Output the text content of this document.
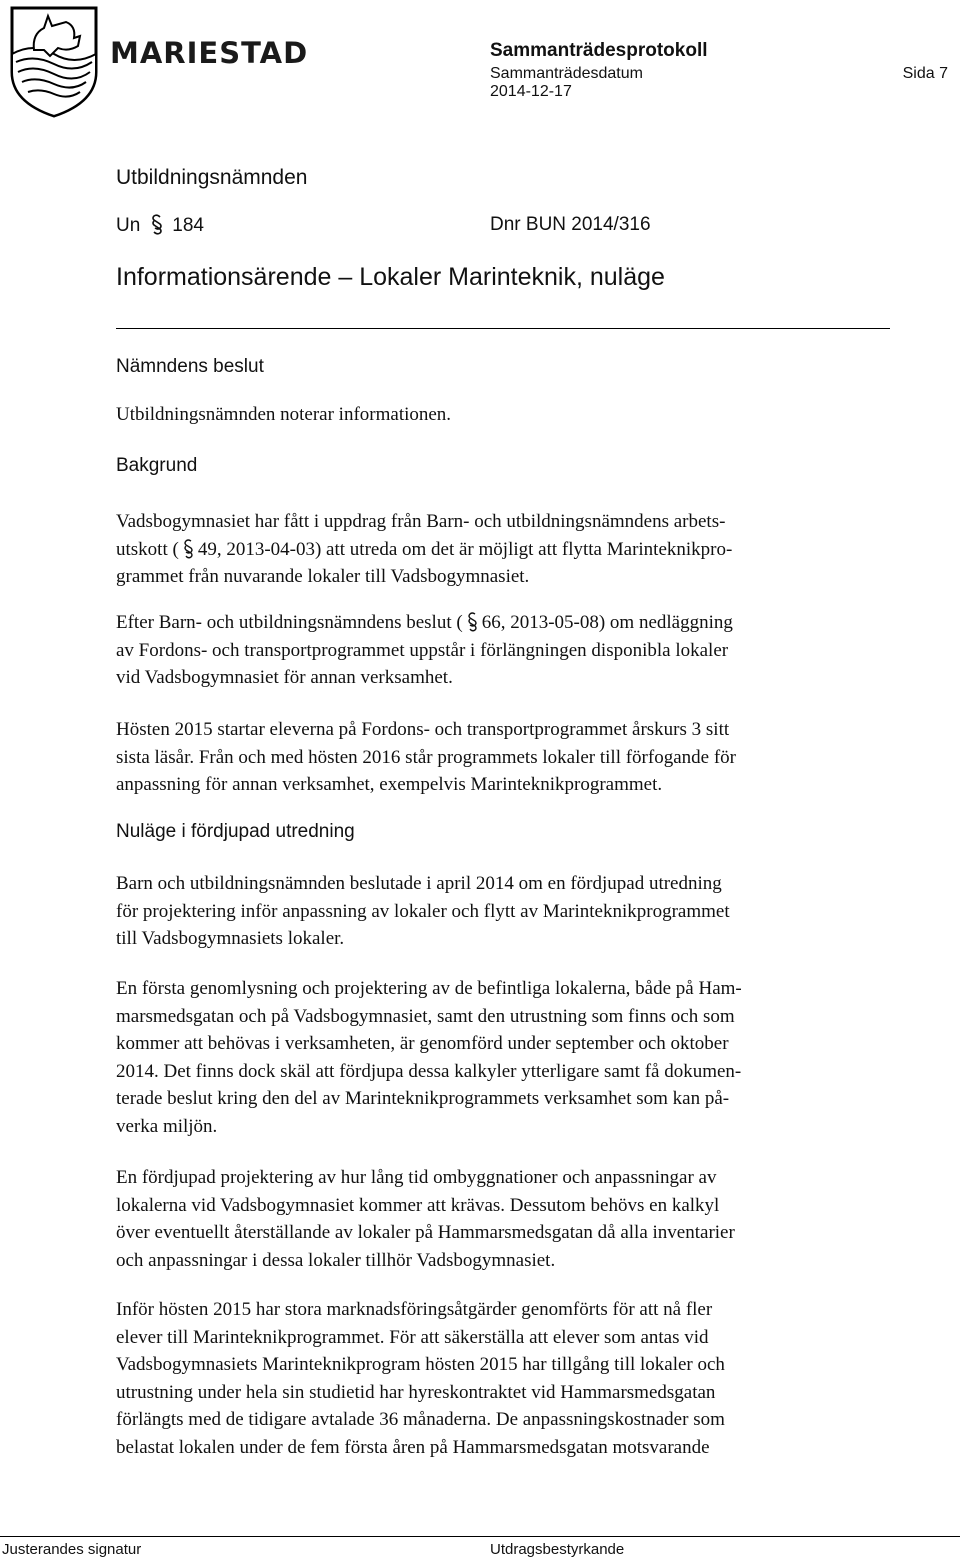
MARIESTAD	Sammanträdesprotokoll
Sammanträdesdatum
2014-12-17
Sida 7
Utbildningsnämnden
Un 184	Dnr BUN 2014/316
Informationsärende – Lokaler Marinteknik, nuläge
Nämndens beslut
Utbildningsnämnden noterar informationen.
Bakgrund
Vadsbogymnasiet har fått i uppdrag från Barn- och utbildningsnämndens arbets-
utskott ( 49, 2013-04-03) att utreda om det är möjligt att flytta Marinteknikpro-
grammet från nuvarande lokaler till Vadsbogymnasiet.
Efter Barn- och utbildningsnämndens beslut ( 66, 2013-05-08) om nedläggning
av Fordons- och transportprogrammet uppstår i förlängningen disponibla lokaler
vid Vadsbogymnasiet för annan verksamhet.
Hösten 2015 startar eleverna på Fordons- och transportprogrammet årskurs 3 sitt
sista läsår. Från och med hösten 2016 står programmets lokaler till förfogande för
anpassning för annan verksamhet, exempelvis Marinteknikprogrammet.
Nuläge i fördjupad utredning
Barn och utbildningsnämnden beslutade i april 2014 om en fördjupad utredning
för projektering inför anpassning av lokaler och flytt av Marinteknikprogrammet
till Vadsbogymnasiets lokaler.
En första genomlysning och projektering av de befintliga lokalerna, både på Ham-
marsmedsgatan och på Vadsbogymnasiet, samt den utrustning som finns och som
kommer att behövas i verksamheten, är genomförd under september och oktober
2014. Det finns dock skäl att fördjupa dessa kalkyler ytterligare samt få dokumen-
terade beslut kring den del av Marinteknikprogrammets verksamhet som kan på-
verka miljön.
En fördjupad projektering av hur lång tid ombyggnationer och anpassningar av
lokalerna vid Vadsbogymnasiet kommer att krävas. Dessutom behövs en kalkyl
över eventuellt återställande av lokaler på Hammarsmedsgatan då alla inventarier
och anpassningar i dessa lokaler tillhör Vadsbogymnasiet.
Inför hösten 2015 har stora marknadsföringsåtgärder genomförts för att nå fler
elever till Marinteknikprogrammet. För att säkerställa att elever som antas vid
Vadsbogymnasiets Marinteknikprogram hösten 2015 har tillgång till lokaler och
utrustning under hela sin studietid har hyreskontraktet vid Hammarsmedsgatan
förlängts med de tidigare avtalade 36 månaderna. De anpassningskostnader som
belastat lokalen under de fem första åren på Hammarsmedsgatan motsvarande
Justerandes signatur	Utdragsbestyrkande
